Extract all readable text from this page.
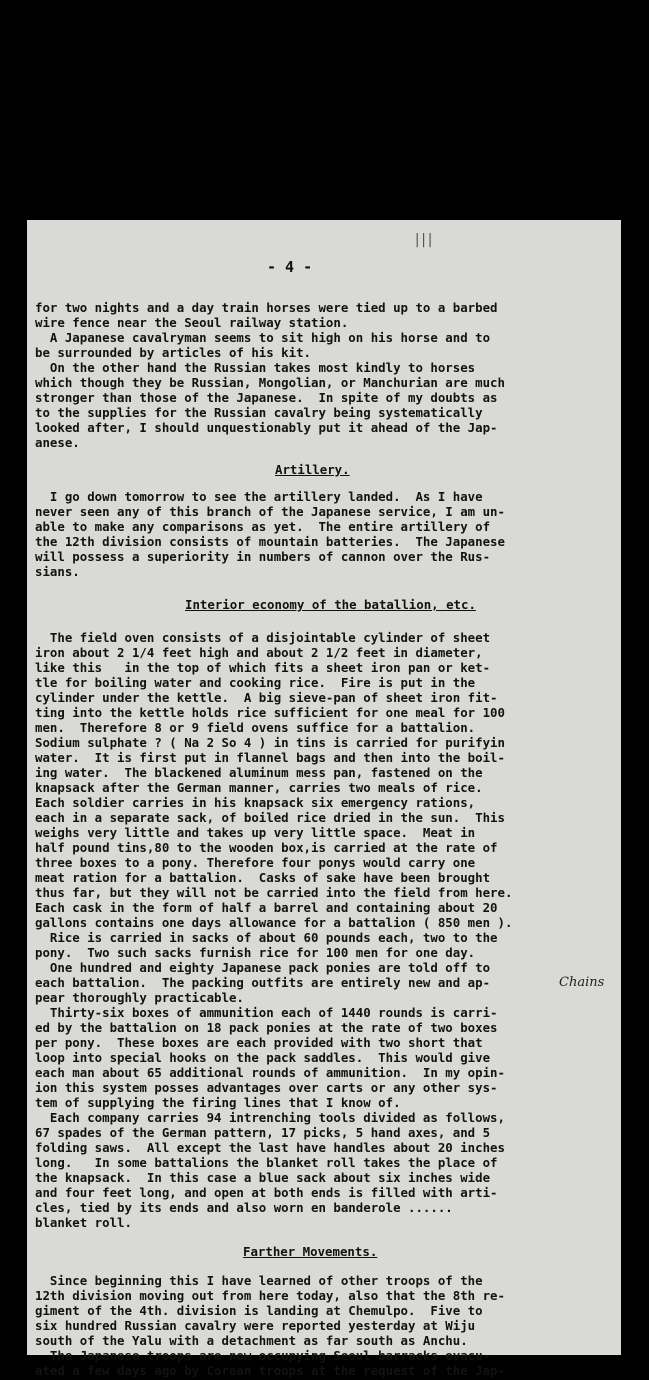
|||
- 4 -
for two nights and a day train horses were tied up to a barbed
wire fence near the Seoul railway station.
A Japanese cavalryman seems to sit high on his horse and to
be surrounded by articles of his kit.
On the other hand the Russian takes most kindly to horses
which though they be Russian, Mongolian, or Manchurian are much
stronger than those of the Japanese.  In spite of my doubts as
to the supplies for the Russian cavalry being systematically
looked after, I should unquestionably put it ahead of the Jap-
anese.
Artillery.
I go down tomorrow to see the artillery landed.  As I have
never seen any of this branch of the Japanese service, I am un-
able to make any comparisons as yet.  The entire artillery of
the 12th division consists of mountain batteries.  The Japanese
will possess a superiority in numbers of cannon over the Rus-
sians.
Interior economy of the batallion, etc.
The field oven consists of a disjointable cylinder of sheet
iron about 2 1/4 feet high and about 2 1/2 feet in diameter,
like this   in the top of which fits a sheet iron pan or ket-
tle for boiling water and cooking rice.  Fire is put in the
cylinder under the kettle.  A big sieve-pan of sheet iron fit-
ting into the kettle holds rice sufficient for one meal for 100
men.  Therefore 8 or 9 field ovens suffice for a battalion.
Sodium sulphate ? ( Na 2 So 4 ) in tins is carried for purifyin
water.  It is first put in flannel bags and then into the boil-
ing water.  The blackened aluminum mess pan, fastened on the
knapsack after the German manner, carries two meals of rice.
Each soldier carries in his knapsack six emergency rations,
each in a separate sack, of boiled rice dried in the sun.  This
weighs very little and takes up very little space.  Meat in
half pound tins,80 to the wooden box,is carried at the rate of
three boxes to a pony. Therefore four ponys would carry one
meat ration for a battalion.  Casks of sake have been brought
thus far, but they will not be carried into the field from here.
Each cask in the form of half a barrel and containing about 20
gallons contains one days allowance for a battalion ( 850 men ).
Rice is carried in sacks of about 60 pounds each, two to the
pony.  Two such sacks furnish rice for 100 men for one day.
One hundred and eighty Japanese pack ponies are told off to
each battalion.  The packing outfits are entirely new and ap-
pear thoroughly practicable.
Thirty-six boxes of ammunition each of 1440 rounds is carri-
ed by the battalion on 18 pack ponies at the rate of two boxes
per pony.  These boxes are each provided with two short that
loop into special hooks on the pack saddles.  This would give
each man about 65 additional rounds of ammunition.  In my opin-
ion this system posses advantages over carts or any other sys-
tem of supplying the firing lines that I know of.
Each company carries 94 intrenching tools divided as follows,
67 spades of the German pattern, 17 picks, 5 hand axes, and 5
folding saws.  All except the last have handles about 20 inches
long.   In some battalions the blanket roll takes the place of
the knapsack.  In this case a blue sack about six inches wide
and four feet long, and open at both ends is filled with arti-
cles, tied by its ends and also worn en banderole ......
blanket roll.
Farther Movements.
Since beginning this I have learned of other troops of the
12th division moving out from here today, also that the 8th re-
giment of the 4th. division is landing at Chemulpo.  Five to
six hundred Russian cavalry were reported yesterday at Wiju
south of the Yalu with a detachment as far south as Anchu.
The Japanese troops are now occupying Seoul barracks evacu-
ated a few days ago by Corean troops at the request of the Jap-
Chains
